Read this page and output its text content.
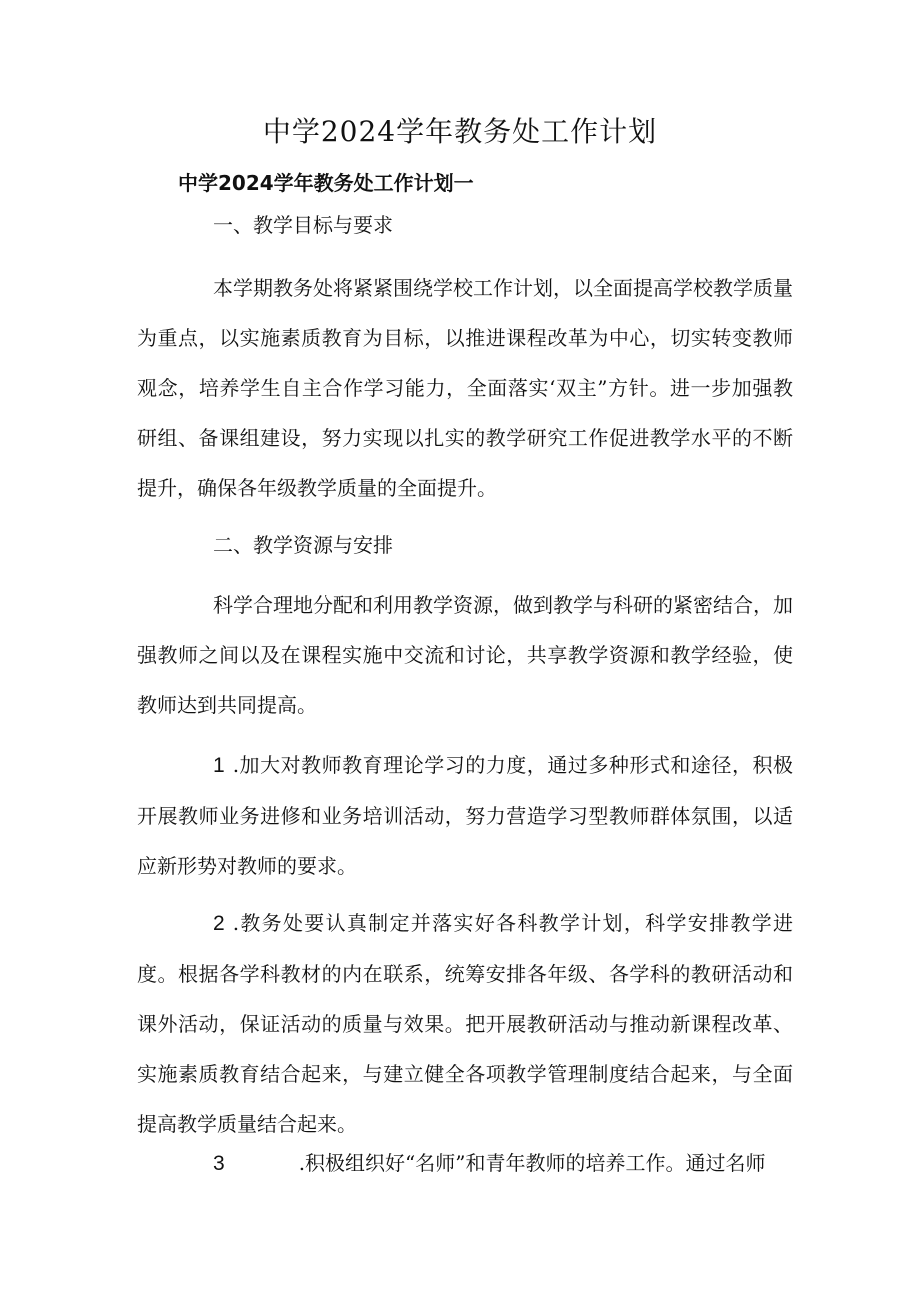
中学2024学年教务处工作计划
中学2024学年教务处工作计划一
一、教学目标与要求

本学期教务处将紧紧围绕学校工作计划，以全面提高学校教学质量为重点，以实施素质教育为目标，以推进课程改革为中心，切实转变教师观念，培养学生自主合作学习能力，全面落实‘双主”方针。进一步加强教研组、备课组建设，努力实现以扎实的教学研究工作促进教学水平的不断提升，确保各年级教学质量的全面提升。

二、教学资源与安排

科学合理地分配和利用教学资源，做到教学与科研的紧密结合，加强教师之间以及在课程实施中交流和讨论，共享教学资源和教学经验，使教师达到共同提高。

1 .加大对教师教育理论学习的力度，通过多种形式和途径，积极开展教师业务进修和业务培训活动，努力营造学习型教师群体氛围，以适应新形势对教师的要求。

2 .教务处要认真制定并落实好各科教学计划，科学安排教学进度。根据各学科教材的内在联系，统筹安排各年级、各学科的教研活动和课外活动，保证活动的质量与效果。把开展教研活动与推动新课程改革、实施素质教育结合起来，与建立健全各项教学管理制度结合起来，与全面提高教学质量结合起来。

3	.积极组织好“名师”和青年教师的培养工作。通过名师
